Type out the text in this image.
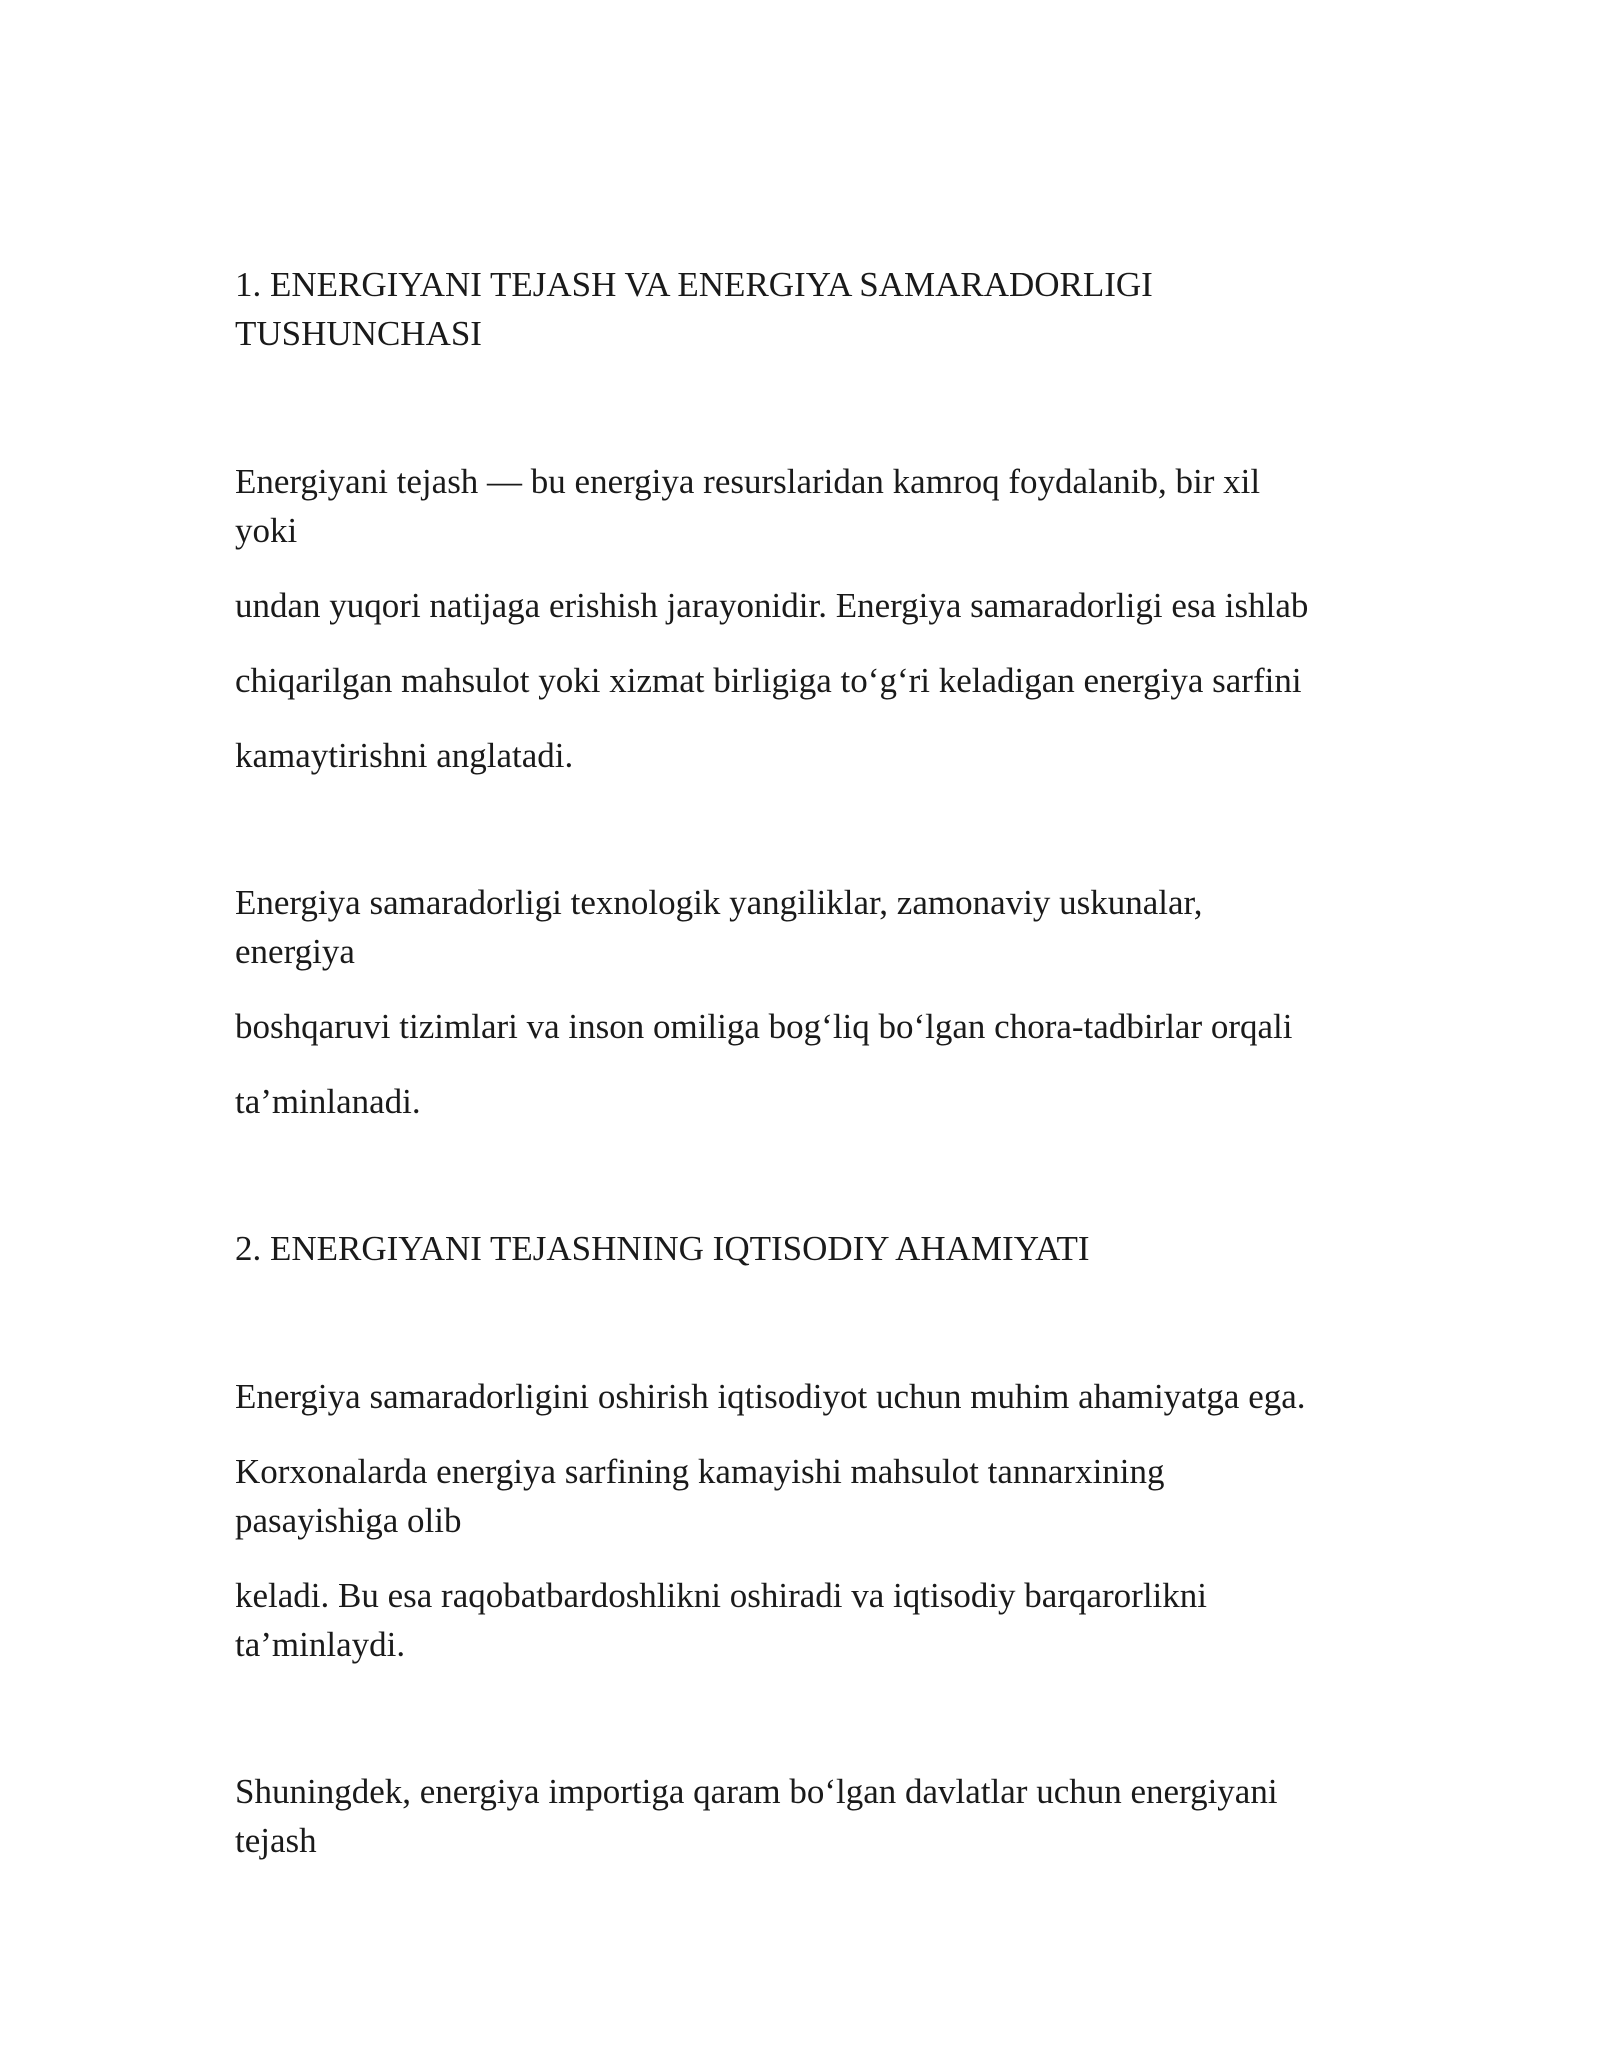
1. ENERGIYANI TEJASH VA ENERGIYA SAMARADORLIGI
TUSHUNCHASI
Energiyani tejash — bu energiya resurslaridan kamroq foydalanib, bir xil
yoki
undan yuqori natijaga erishish jarayonidir. Energiya samaradorligi esa ishlab
chiqarilgan mahsulot yoki xizmat birligiga to‘g‘ri keladigan energiya sarfini
kamaytirishni anglatadi.
Energiya samaradorligi texnologik yangiliklar, zamonaviy uskunalar,
energiya
boshqaruvi tizimlari va inson omiliga bog‘liq bo‘lgan chora-tadbirlar orqali
ta’minlanadi.
2. ENERGIYANI TEJASHNING IQTISODIY AHAMIYATI
Energiya samaradorligini oshirish iqtisodiyot uchun muhim ahamiyatga ega.
Korxonalarda energiya sarfining kamayishi mahsulot tannarxining
pasayishiga olib
keladi. Bu esa raqobatbardoshlikni oshiradi va iqtisodiy barqarorlikni
ta’minlaydi.
Shuningdek, energiya importiga qaram bo‘lgan davlatlar uchun energiyani
tejash
